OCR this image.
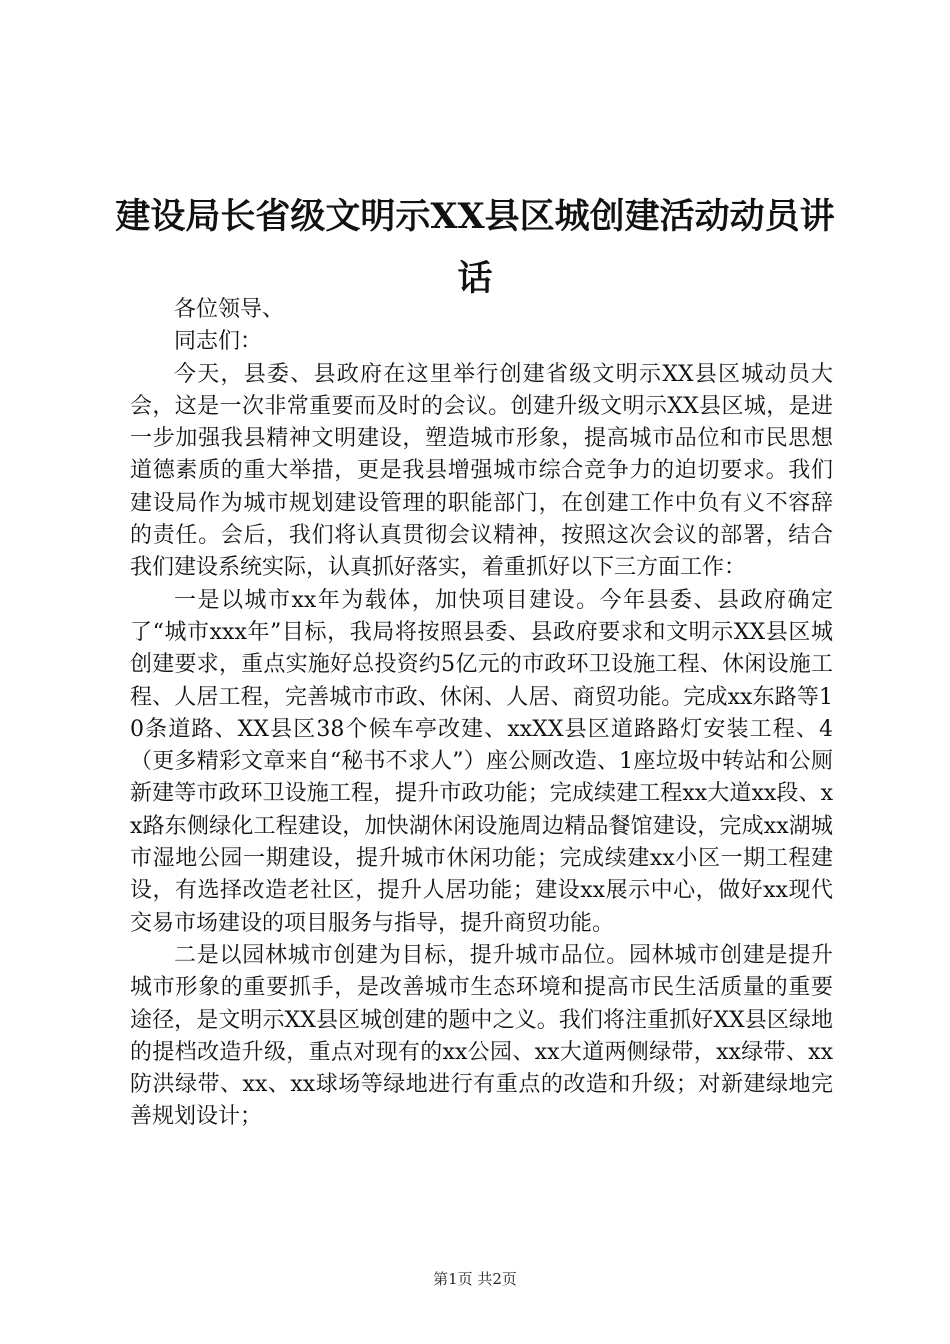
建设局长省级文明示XX县区城创建活动动员讲话

各位领导、

同志们：

今天，县委、县政府在这里举行创建省级文明示XX县区城动员大会，这是一次非常重要而及时的会议。创建升级文明示XX县区城，是进一步加强我县精神文明建设，塑造城市形象，提高城市品位和市民思想道德素质的重大举措，更是我县增强城市综合竞争力的迫切要求。我们建设局作为城市规划建设管理的职能部门，在创建工作中负有义不容辞的责任。会后，我们将认真贯彻会议精神，按照这次会议的部署，结合我们建设系统实际，认真抓好落实，着重抓好以下三方面工作：

一是以城市xx年为载体，加快项目建设。今年县委、县政府确定了“城市xxx年”目标，我局将按照县委、县政府要求和文明示XX县区城创建要求，重点实施好总投资约5亿元的市政环卫设施工程、休闲设施工程、人居工程，完善城市市政、休闲、人居、商贸功能。完成xx东路等10条道路、XX县区38个候车亭改建、xxXX县区道路路灯安装工程、4（更多精彩文章来自“秘书不求人”）座公厕改造、1座垃圾中转站和公厕新建等市政环卫设施工程，提升市政功能；完成续建工程xx大道xx段、xx路东侧绿化工程建设，加快湖休闲设施周边精品餐馆建设，完成xx湖城市湿地公园一期建设，提升城市休闲功能；完成续建xx小区一期工程建设，有选择改造老社区，提升人居功能；建设xx展示中心，做好xx现代交易市场建设的项目服务与指导，提升商贸功能。

二是以园林城市创建为目标，提升城市品位。园林城市创建是提升城市形象的重要抓手，是改善城市生态环境和提高市民生活质量的重要途径，是文明示XX县区城创建的题中之义。我们将注重抓好XX县区绿地的提档改造升级，重点对现有的xx公园、xx大道两侧绿带，xx绿带、xx防洪绿带、xx、xx球场等绿地进行有重点的改造和升级；对新建绿地完善规划设计；

第1页 共2页
